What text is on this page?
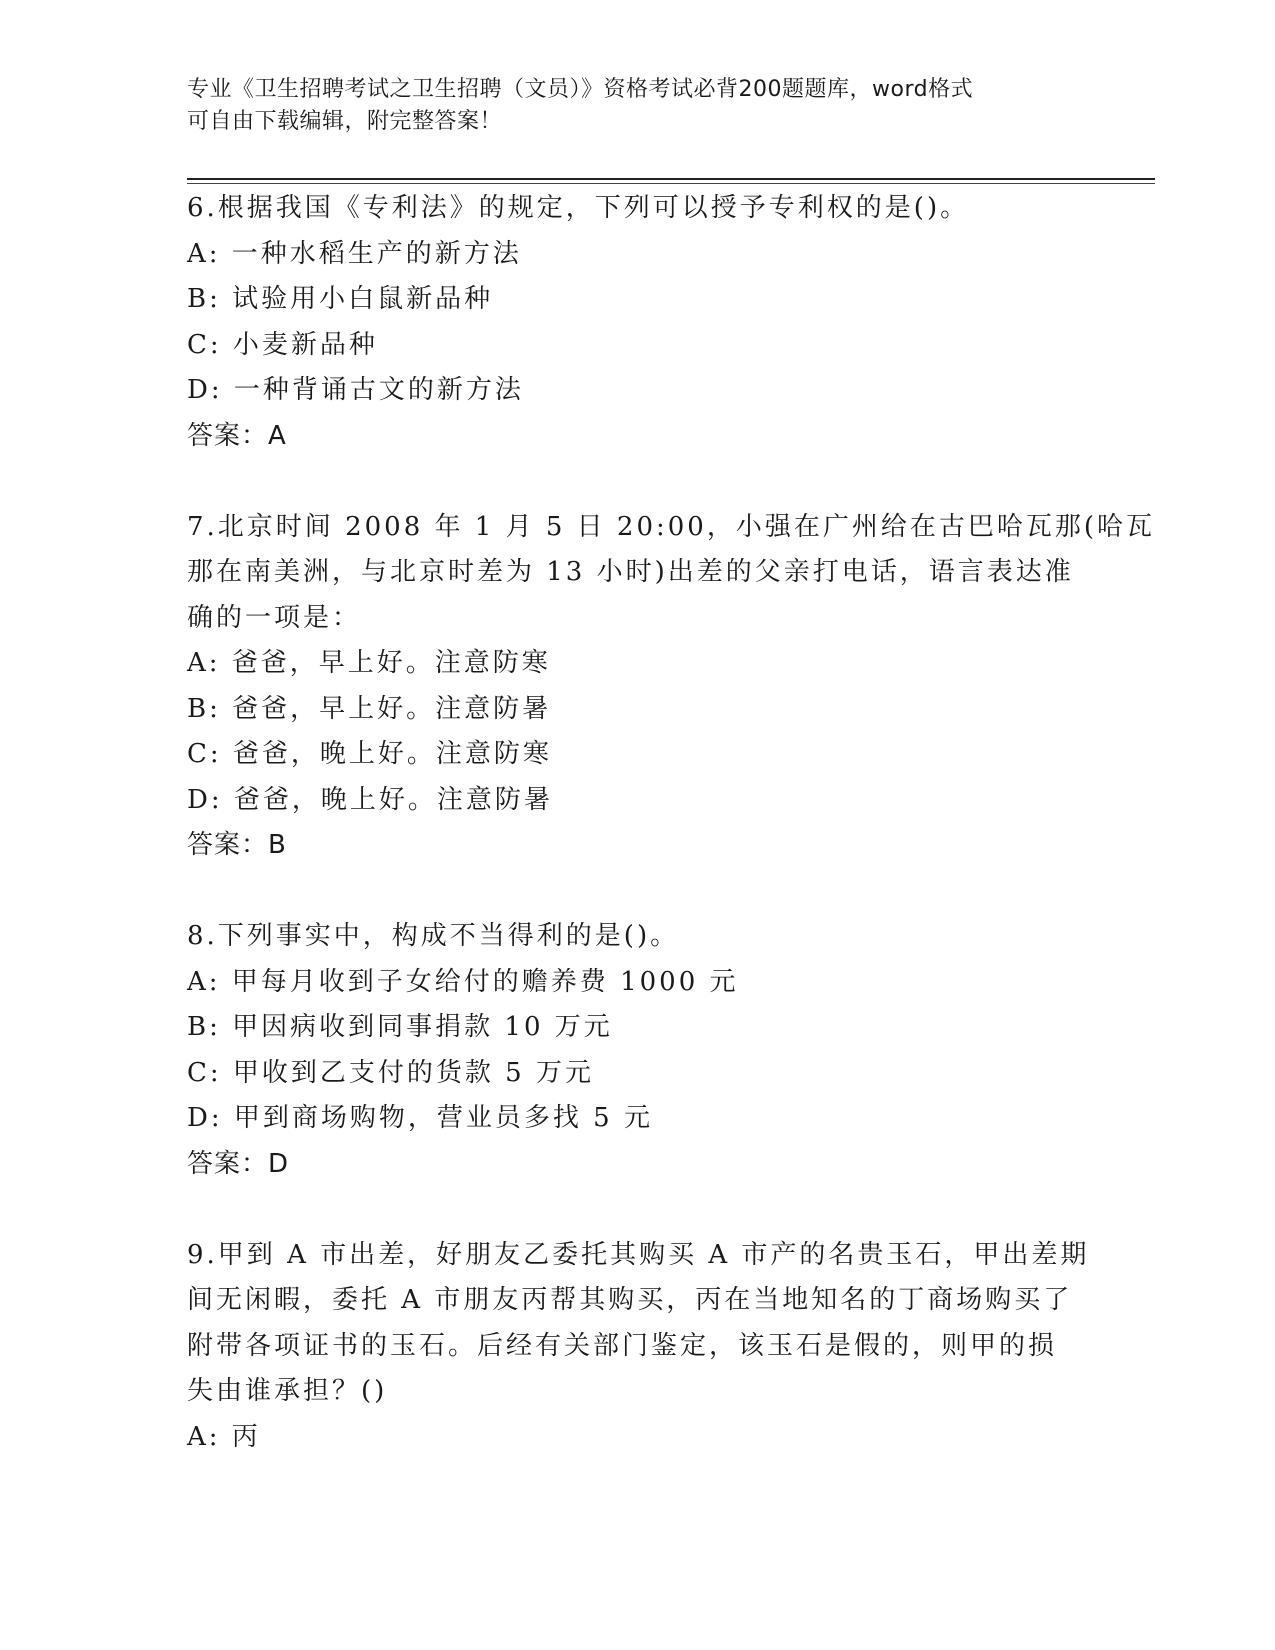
专业《卫生招聘考试之卫生招聘（文员）》资格考试必背200题题库，word格式
可自由下载编辑，附完整答案！
6.根据我国《专利法》的规定，下列可以授予专利权的是()。
A: 一种水稻生产的新方法
B: 试验用小白鼠新品种
C: 小麦新品种
D: 一种背诵古文的新方法
答案：A
7.北京时间 2008 年 1 月 5 日 20:00，小强在广州给在古巴哈瓦那(哈瓦
那在南美洲，与北京时差为 13 小时)出差的父亲打电话，语言表达准
确的一项是：
A: 爸爸，早上好。注意防寒
B: 爸爸，早上好。注意防暑
C: 爸爸，晚上好。注意防寒
D: 爸爸，晚上好。注意防暑
答案：B
8.下列事实中，构成不当得利的是()。
A: 甲每月收到子女给付的赡养费 1000 元
B: 甲因病收到同事捐款 10 万元
C: 甲收到乙支付的货款 5 万元
D: 甲到商场购物，营业员多找 5 元
答案：D
9.甲到 A 市出差，好朋友乙委托其购买 A 市产的名贵玉石，甲出差期
间无闲暇，委托 A 市朋友丙帮其购买，丙在当地知名的丁商场购买了
附带各项证书的玉石。后经有关部门鉴定，该玉石是假的，则甲的损
失由谁承担？()
A: 丙
